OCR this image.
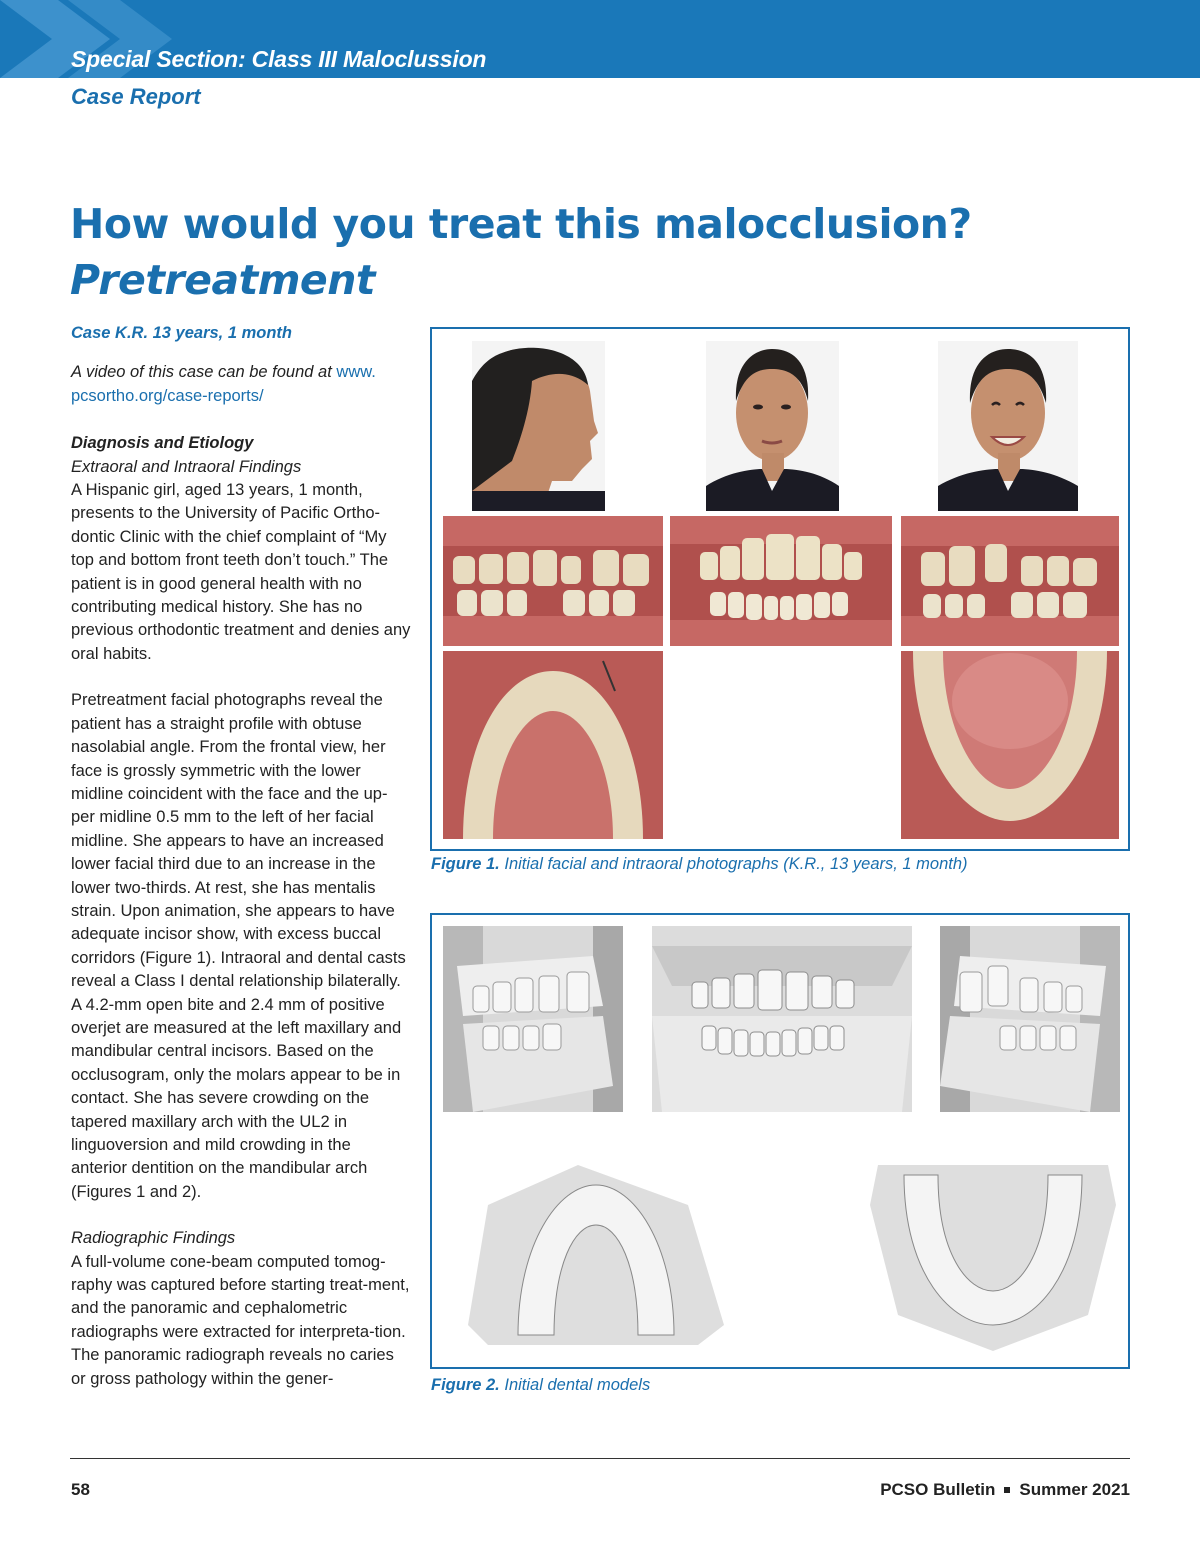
Special Section: Class III Maloclussion
Case Report
How would you treat this malocclusion?
Pretreatment

Case K.R. 13 years, 1 month

A video of this case can be found at www. pcsortho.org/case-reports/

Diagnosis and Etiology

Extraoral and Intraoral Findings

A Hispanic girl, aged 13 years, 1 month, presents to the University of Pacific Ortho-dontic Clinic with the chief complaint of “My top and bottom front teeth don’t touch.” The patient is in good general health with no contributing medical history. She has no previous orthodontic treatment and denies any oral habits.

Pretreatment facial photographs reveal the patient has a straight profile with obtuse nasolabial angle. From the frontal view, her face is grossly symmetric with the lower midline coincident with the face and the up-per midline 0.5 mm to the left of her facial midline. She appears to have an increased lower facial third due to an increase in the lower two-thirds. At rest, she has mentalis strain. Upon animation, she appears to have adequate incisor show, with excess buccal corridors (Figure 1). Intraoral and dental casts reveal a Class I dental relationship bilaterally. A 4.2-mm open bite and 2.4 mm of positive overjet are measured at the left maxillary and mandibular central incisors. Based on the occlusogram, only the molars appear to be in contact. She has severe crowding on the tapered maxillary arch with the UL2 in linguoversion and mild crowding in the anterior dentition on the mandibular arch (Figures 1 and 2).

Radiographic Findings

A full-volume cone-beam computed tomog-raphy was captured before starting treat-ment, and the panoramic and cephalometric radiographs were extracted for interpreta-tion. The panoramic radiograph reveals no caries or gross pathology within the gener-

Figure 1. Initial facial and intraoral photographs (K.R., 13 years, 1 month)
Figure 2. Initial dental models
58	PCSO Bulletin Summer 2021
